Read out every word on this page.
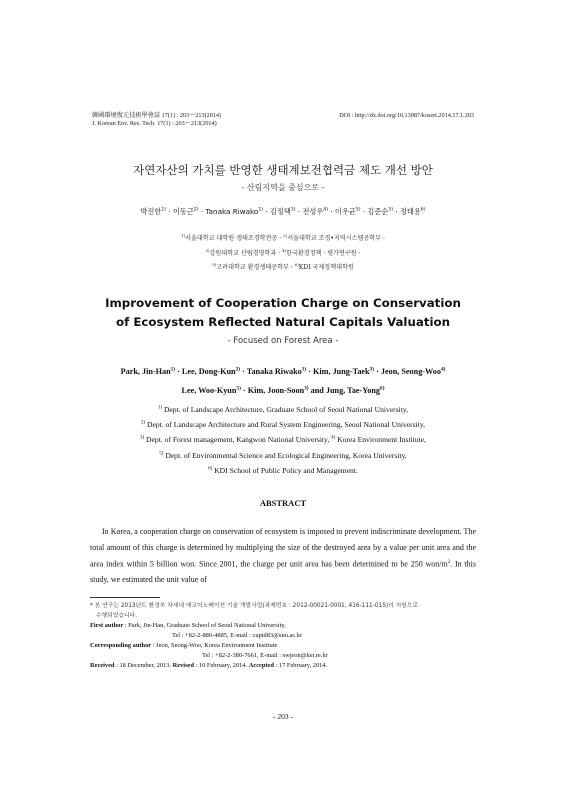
韓國環境復元技術學會誌 17(1) : 203～213(2014)
J. Korean Env. Res. Tech. 17(1) : 203～213(2014)
DOI : http://dx.doi.org/10.13087/kosert.2014.17.1.203
자연자산의 가치를 반영한 생태계보전협력금 제도 개선 방안
- 산림지역을 중심으로 -
박진한$^{1)}$ · 이동근$^{2)}$ · Tanaka Riwako$^{1)}$ · 김정택$^{3)}$ · 전성우$^{4)}$ · 이우균$^{5)}$ · 김준순$^{3)}$ · 정태용$^{6)}$
$^{1)}$서울대학교 대학원 생태조경학전공 · $^{2)}$서울대학교 조경•지역시스템공학부 ·
$^{3)}$강원대학교 산림경영학과 · $^{4)}$한국환경정책 · 평가연구원 ·
$^{5)}$고려대학교 환경생태공학부 · $^{6)}$KDI 국제정책대학원
Improvement of Cooperation Charge on Conservation
of Ecosystem Reflected Natural Capitals Valuation
- Focused on Forest Area -
Park, Jin-Han$^{1)}$ · Lee, Dong-Kun$^{2)}$ · Tanaka Riwako$^{1)}$ · Kim, Jung-Taek$^{3)}$ · Jeon, Seong-Woo$^{4)}$
Lee, Woo-Kyun$^{5)}$ · Kim, Joon-Soon$^{3)}$ and Jung, Tae-Yong$^{6)}$
$^{1)}$ Dept. of Landscape Architecture, Graduate School of Seoul National University,
$^{2)}$ Dept. of Landscape Architecture and Rural System Engineering, Seoul National University,
$^{3)}$ Dept. of Forest management, Kangwon National University, $^{4)}$ Korea Environment Institute,
$^{5)}$ Dept. of Environmental Science and Ecological Engineering, Korea University,
$^{6)}$ KDI School of Public Policy and Management.
ABSTRACT
In Korea, a cooperation charge on conservation of ecosystem is imposed to prevent indiscriminate development. The total amount of this charge is determined by multiplying the size of the destroyed area by a value per unit area and the area index within 5 billion won. Since 2001, the charge per unit area has been determined to be 250 won/$m^2$. In this study, we estimated the unit value of
* 본 연구는 2013년도 환경부 차세대 에코이노베이션 기술 개발사업(과제번호 : 2012-00021-0001, 416-111-015)의 지원으로
수행되었습니다.
First author : Park, Jin-Han, Graduate School of Seoul National University,
Tel : +82-2-880-4885, E-mail : cupid83@snu.ac.kr
Corresponding author : Jeon, Seong-Woo, Korea Environment Institute
Tel : +82-2-380-7661, E-mail : swjeon@kei.re.kr
Received : 18 December, 2013. Revised : 10 February, 2014. Accepted : 17 February, 2014.
- 203 -
